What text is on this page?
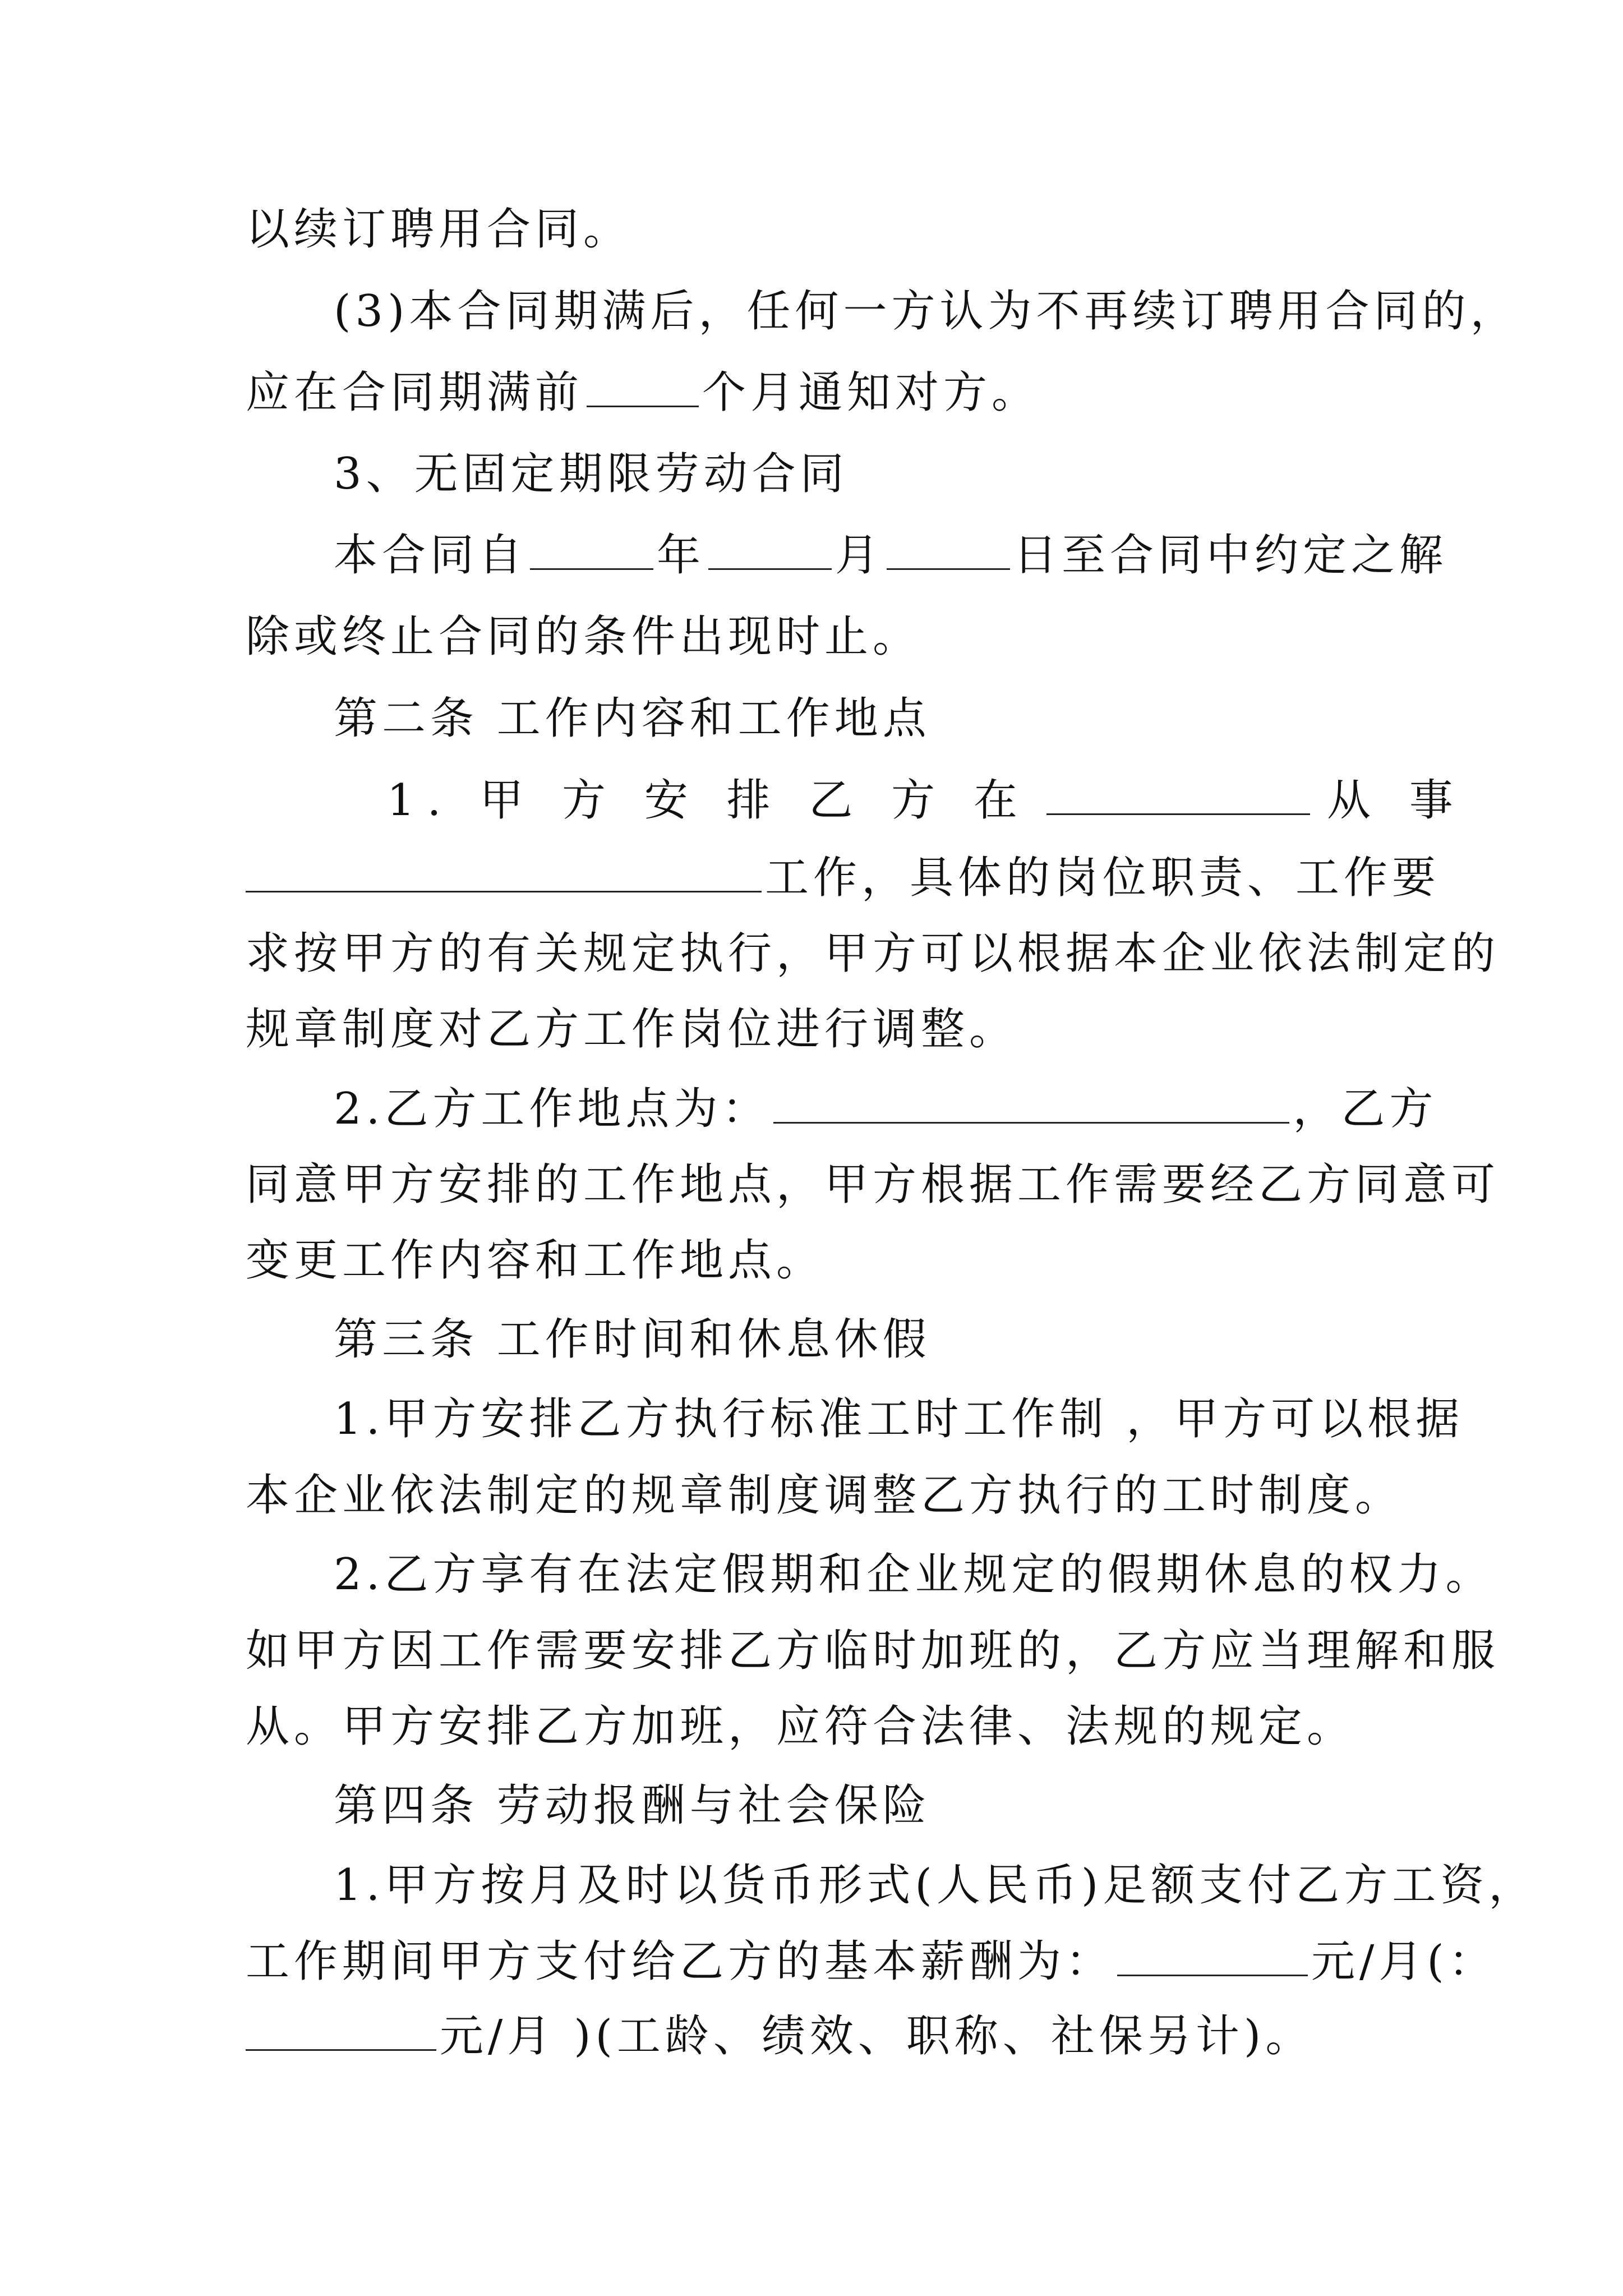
以续订聘用合同。
(3)本合同期满后，任何一方认为不再续订聘用合同的，
应在合同期满前	个月通知对方。
3、无固定期限劳动合同
本合同自	年	月	日至合同中约定之解
除或终止合同的条件出现时止。
第二条 工作内容和工作地点
1. 甲 方 安 排 乙 方 在	从 事
工作，具体的岗位职责、工作要
求按甲方的有关规定执行，甲方可以根据本企业依法制定的
规章制度对乙方工作岗位进行调整。
2.乙方工作地点为：	，乙方
同意甲方安排的工作地点，甲方根据工作需要经乙方同意可
变更工作内容和工作地点。
第三条 工作时间和休息休假
1.甲方安排乙方执行标准工时工作制 ，甲方可以根据
本企业依法制定的规章制度调整乙方执行的工时制度。
2.乙方享有在法定假期和企业规定的假期休息的权力。
如甲方因工作需要安排乙方临时加班的，乙方应当理解和服
从。甲方安排乙方加班，应符合法律、法规的规定。
第四条 劳动报酬与社会保险
1.甲方按月及时以货币形式(人民币)足额支付乙方工资，
工作期间甲方支付给乙方的基本薪酬为：	元/月(：
元/月 )(工龄、绩效、职称、社保另计)。
